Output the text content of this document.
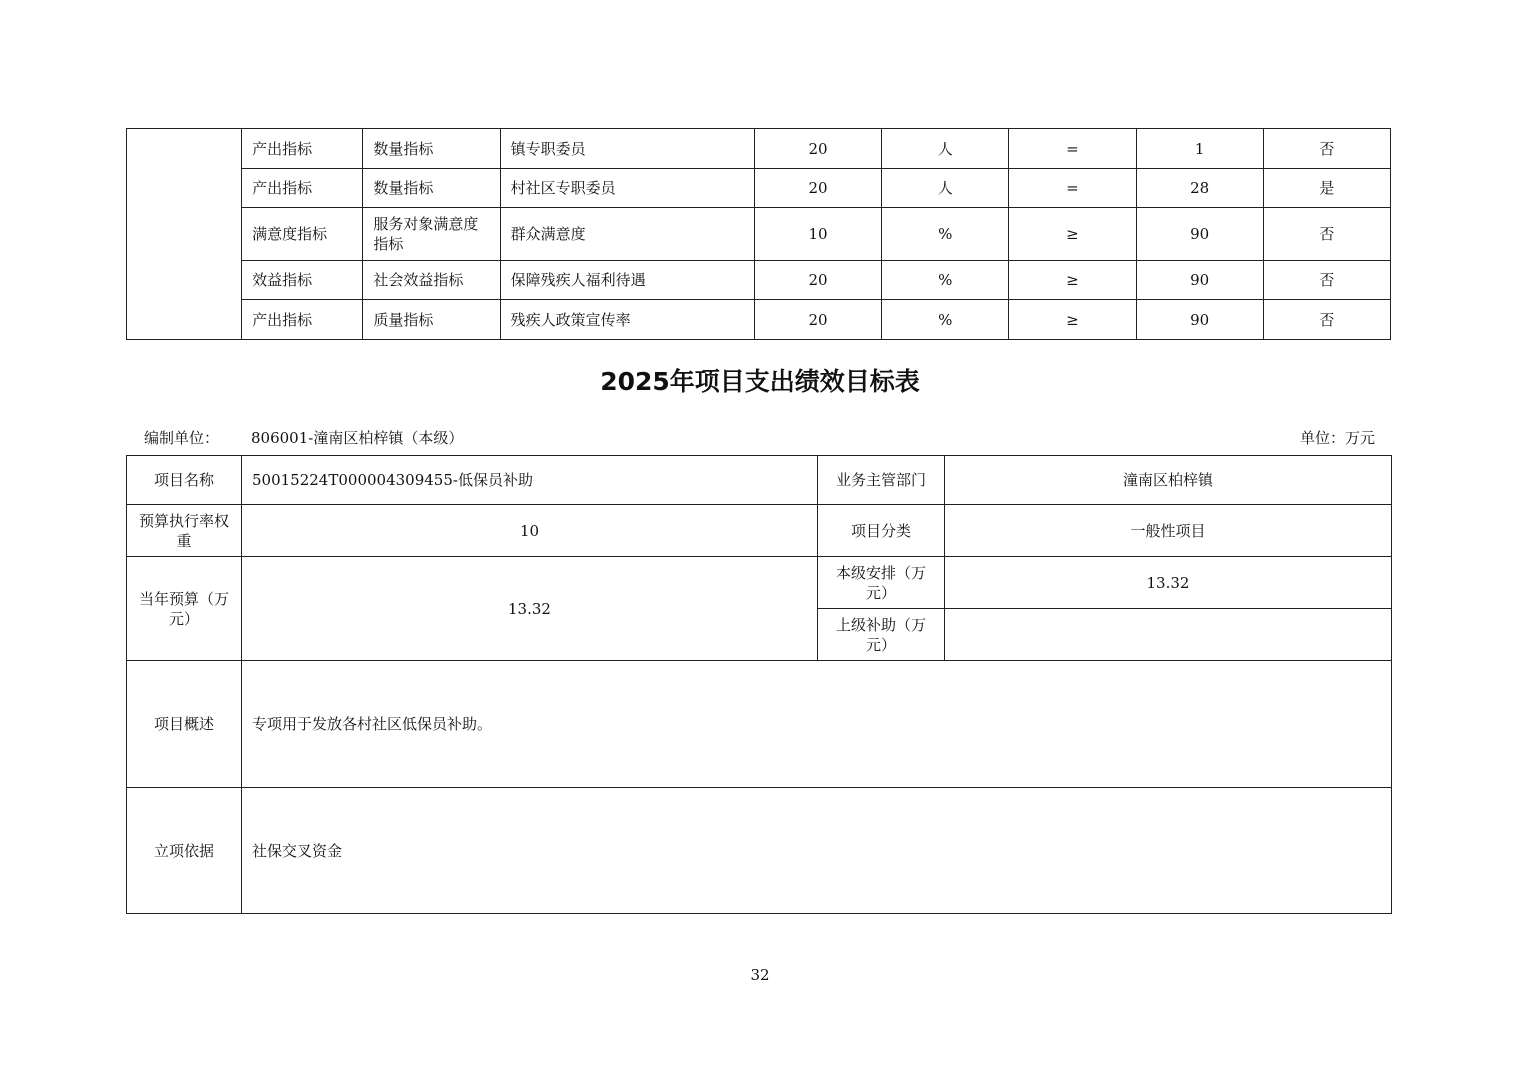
	产出指标	数量指标	镇专职委员	20	人	=	1	否
	产出指标	数量指标	村社区专职委员	20	人	=	28	是
	满意度指标	服务对象满意度指标	群众满意度	10	%	≥	90	否
	效益指标	社会效益指标	保障残疾人福利待遇	20	%	≥	90	否
	产出指标	质量指标	残疾人政策宣传率	20	%	≥	90	否
2025年项目支出绩效目标表
编制单位： 806001-潼南区柏梓镇（本级）	单位：万元
项目名称	50015224T000004309455-低保员补助	业务主管部门	潼南区柏梓镇
预算执行率权重	10	项目分类	一般性项目
当年预算（万元）	13.32	本级安排（万元）	13.32
		上级补助（万元）	
项目概述	专项用于发放各村社区低保员补助。		
立项依据	社保交叉资金		
32
